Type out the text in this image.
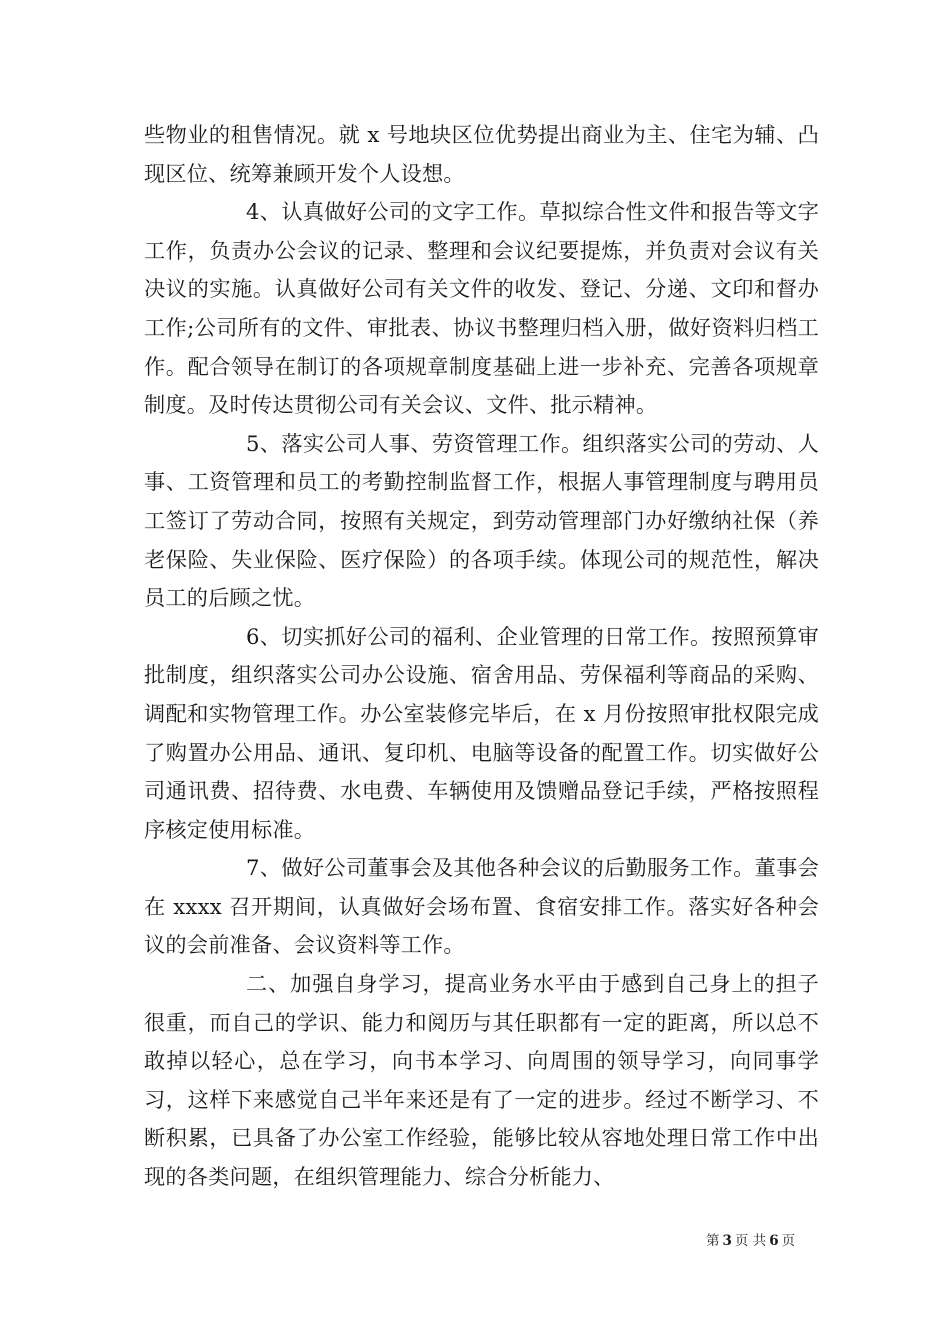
些物业的租售情况。就 x 号地块区位优势提出商业为主、住宅为辅、凸现区位、统筹兼顾开发个人设想。

4、认真做好公司的文字工作。草拟综合性文件和报告等文字工作，负责办公会议的记录、整理和会议纪要提炼，并负责对会议有关决议的实施。认真做好公司有关文件的收发、登记、分递、文印和督办工作;公司所有的文件、审批表、协议书整理归档入册，做好资料归档工作。配合领导在制订的各项规章制度基础上进一步补充、完善各项规章制度。及时传达贯彻公司有关会议、文件、批示精神。

5、落实公司人事、劳资管理工作。组织落实公司的劳动、人事、工资管理和员工的考勤控制监督工作，根据人事管理制度与聘用员工签订了劳动合同，按照有关规定，到劳动管理部门办好缴纳社保（养老保险、失业保险、医疗保险）的各项手续。体现公司的规范性，解决员工的后顾之忧。

6、切实抓好公司的福利、企业管理的日常工作。按照预算审批制度，组织落实公司办公设施、宿舍用品、劳保福利等商品的采购、调配和实物管理工作。办公室装修完毕后，在 x 月份按照审批权限完成了购置办公用品、通讯、复印机、电脑等设备的配置工作。切实做好公司通讯费、招待费、水电费、车辆使用及馈赠品登记手续，严格按照程序核定使用标准。

7、做好公司董事会及其他各种会议的后勤服务工作。董事会在 xxxx 召开期间，认真做好会场布置、食宿安排工作。落实好各种会议的会前准备、会议资料等工作。

二、加强自身学习，提高业务水平由于感到自己身上的担子很重，而自己的学识、能力和阅历与其任职都有一定的距离，所以总不敢掉以轻心，总在学习，向书本学习、向周围的领导学习，向同事学习，这样下来感觉自己半年来还是有了一定的进步。经过不断学习、不断积累，已具备了办公室工作经验，能够比较从容地处理日常工作中出现的各类问题，在组织管理能力、综合分析能力、

第 3 页 共 6 页
